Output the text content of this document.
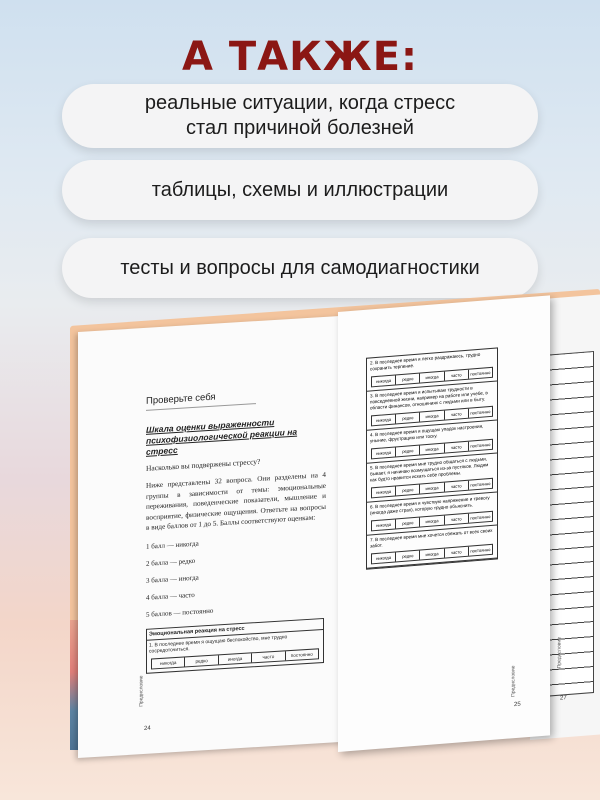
А ТАКЖЕ:
реальные ситуации, когда стресс
стал причиной болезней
таблицы, схемы и иллюстрации
тесты и вопросы для самодиагностики
27
Предисловие
Проверьте себя
Шкала оценки выраженности психофизиологической реакции на стресс
Насколько вы подвержены стрессу?
Ниже представлены 32 вопроса. Они разделены на 4 группы в зависимости от темы: эмоциональные переживания, поведенческие показатели, мышление и восприятие, физические ощущения. Ответьте на вопросы в виде баллов от 1 до 5. Баллы соответствуют оценкам:
1 балл — никогда
2 балла — редко
3 балла — иногда
4 балла — часто
5 баллов — постоянно
Эмоциональная реакция на стресс
1. В последнее время я ощущаю беспокойство, мне трудно сосредоточиться.
никогда	редко	иногда	часто	постоянно
Предисловие
24
2. В последнее время я легко раздражаюсь, трудно сохранить терпение.
никогда	редко	иногда	часто	постоянно
3. В последнее время я испытываю трудности в повседневной жизни, например на работе или учебе, в области финансов, отношениях с людьми или в быту.
никогда	редко	иногда	часто	постоянно
4. В последнее время я ощущаю упадок настроения, уныние, фрустрацию или тоску.
никогда	редко	иногда	часто	постоянно
5. В последнее время мне трудно общаться с людьми, бывает, я начинаю возмущаться из-за пустяков. Людям как будто нравится искать себе проблемы.
никогда	редко	иногда	часто	постоянно
6. В последнее время я чувствую напряжение и тревогу (иногда даже страх), которую трудно объяснить.
никогда	редко	иногда	часто	постоянно
7. В последнее время мне хочется сбежать от всех своих забот.
никогда	редко	иногда	часто	постоянно
Предисловие
25
